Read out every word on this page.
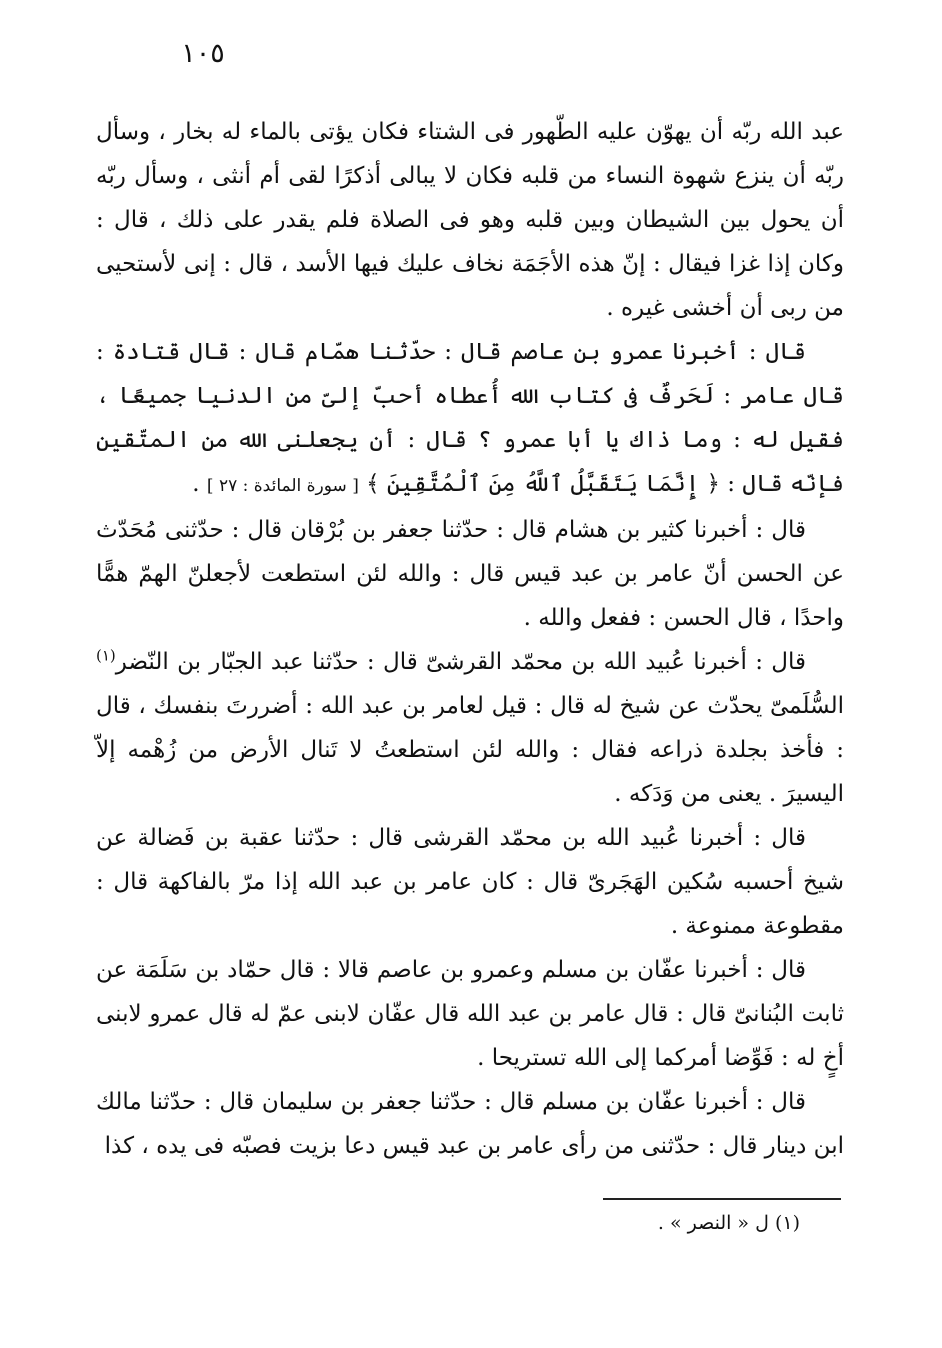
١٠٥

عبد الله ربّه أن يهوّن عليه الطّهور فى الشتاء فكان يؤتى بالماء له بخار ، وسأل ربّه أن ينزع شهوة النساء من قلبه فكان لا يبالى أذكرًا لقى أم أنثى ، وسأل ربّه أن يحول بين الشيطان وبين قلبه وهو فى الصلاة فلم يقدر على ذلك ، قال : وكان إذا غزا فيقال : إنّ هذه الأجَمَة نخاف عليك فيها الأسد ، قال : إنى لأستحيى من ربى أن أخشى غيره .

قال : أخبرنا عمرو بن عاصم قال : حدّثنا همّام قال : قال قتادة : قال عامر : لَحَرفٌ فى كتاب الله أُعطاه أحبّ إلىّ من الدنيا جميعًا ، فقيل له : وما ذاك يا أبا عمرو ؟ قال : أن يجعلنى الله من المتّقين فإنّه قال : ﴿ إِنَّمَا يَتَقَبَّلُ ٱللَّهُ مِنَ ٱلْمُتَّقِينَ ﴾ [ سورة المائدة : ٢٧ ] .

قال : أخبرنا كثير بن هشام قال : حدّثنا جعفر بن بُرْقان قال : حدّثنى مُحَدّث عن الحسن أنّ عامر بن عبد قيس قال : والله لئن استطعت لأجعلنّ الهمّ همًّا واحدًا ، قال الحسن : ففعل والله .

قال : أخبرنا عُبيد الله بن محمّد القرشىّ قال : حدّثنا عبد الجبّار بن النّضر$^{(١)}$ السُّلَمىّ يحدّث عن شيخ له قال : قيل لعامر بن عبد الله : أضررتَ بنفسك ، قال : فأخذ بجلدة ذراعه فقال : والله لئن استطعتُ لا تَنال الأرض من زُهْمه إلاّ اليسيرَ . يعنى من وَدَكه .

قال : أخبرنا عُبيد الله بن محمّد القرشى قال : حدّثنا عقبة بن فَضالة عن شيخ أحسبه سُكين الهَجَرىّ قال : كان عامر بن عبد الله إذا مرّ بالفاكهة قال : مقطوعة ممنوعة .

قال : أخبرنا عفّان بن مسلم وعمرو بن عاصم قالا : قال حمّاد بن سَلَمَة عن ثابت البُنانىّ قال : قال عامر بن عبد الله قال عفّان لابنى عمّ له قال عمرو لابنى أخٍ له : فَوِّضا أمركما إلى الله تستريحا .

قال : أخبرنا عفّان بن مسلم قال : حدّثنا جعفر بن سليمان قال : حدّثنا مالك ابن دينار قال : حدّثنى من رأى عامر بن عبد قيس دعا بزيت فصبّه فى يده ، كذا

(١) ل « النصر » .
